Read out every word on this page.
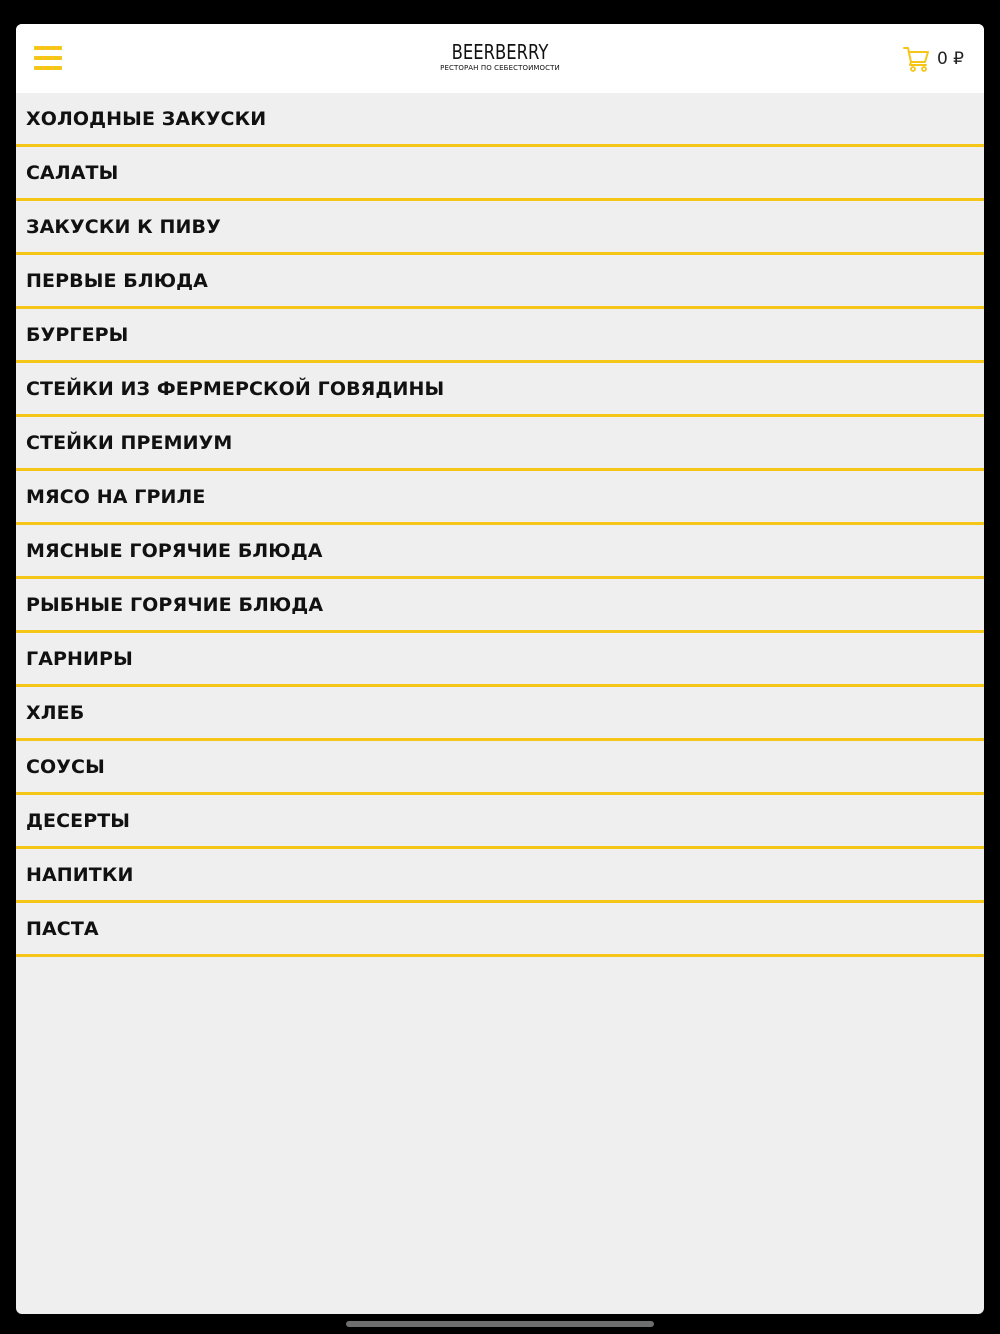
BEERBERRY
РЕСТОРАН ПО СЕБЕСТОИМОСТИ	0 ₽
ХОЛОДНЫЕ ЗАКУСКИ
САЛАТЫ
ЗАКУСКИ К ПИВУ
ПЕРВЫЕ БЛЮДА
БУРГЕРЫ
СТЕЙКИ ИЗ ФЕРМЕРСКОЙ ГОВЯДИНЫ
СТЕЙКИ ПРЕМИУМ
МЯСО НА ГРИЛЕ
МЯСНЫЕ ГОРЯЧИЕ БЛЮДА
РЫБНЫЕ ГОРЯЧИЕ БЛЮДА
ГАРНИРЫ
ХЛЕБ
СОУСЫ
ДЕСЕРТЫ
НАПИТКИ
ПАСТА
